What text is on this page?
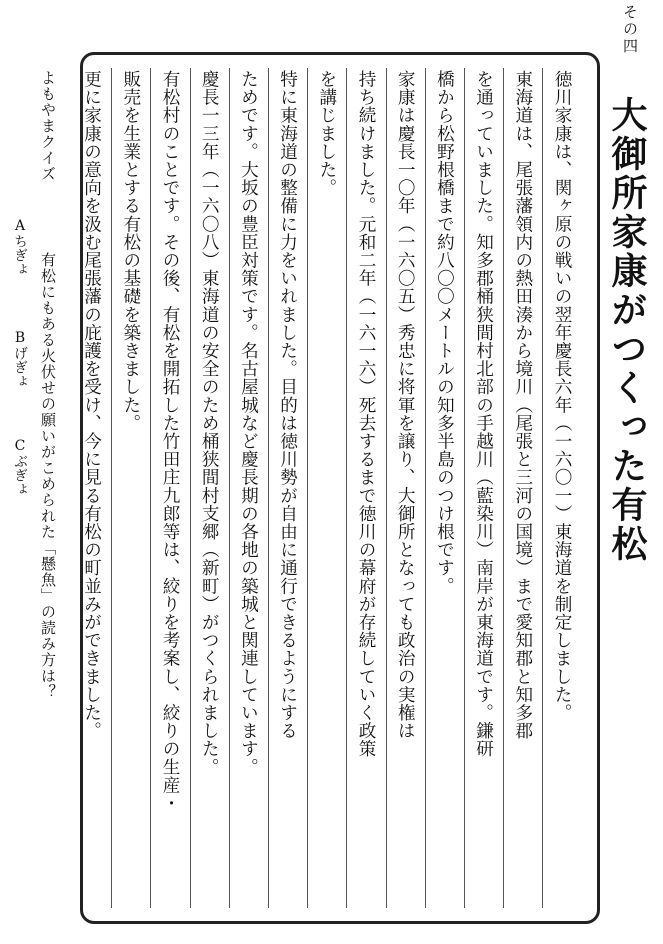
その四
大御所家康がつくった有松
徳川家康は、関ヶ原の戦いの翌年慶長六年（一六〇一）東海道を制定しました。
東海道は、尾張藩領内の熱田湊から境川（尾張と三河の国境）まで愛知郡と知多郡
を通っていました。知多郡桶狭間村北部の手越川（藍染川）南岸が東海道です。鎌研
橋から松野根橋まで約八〇〇メートルの知多半島のつけ根です。
家康は慶長一〇年（一六〇五）秀忠に将軍を譲り、大御所となっても政治の実権は
持ち続けました。元和二年（一六一六）死去するまで徳川の幕府が存続していく政策
を講じました。
特に東海道の整備に力をいれました。目的は徳川勢が自由に通行できるようにする
ためです。大坂の豊臣対策です。名古屋城など慶長期の各地の築城と関連しています。
慶長一三年（一六〇八）東海道の安全のため桶狭間村支郷（新町）がつくられました。
有松村のことです。その後、有松を開拓した竹田庄九郎等は、絞りを考案し、絞りの生産・
販売を生業とする有松の基礎を築きました。
更に家康の意向を汲む尾張藩の庇護を受け、今に見る有松の町並みができました。
よもやまクイズ
有松にもある火伏せの願いがこめられた「懸魚」の読み方は？
Aちぎょ
Bげぎょ
Cぶぎょ
